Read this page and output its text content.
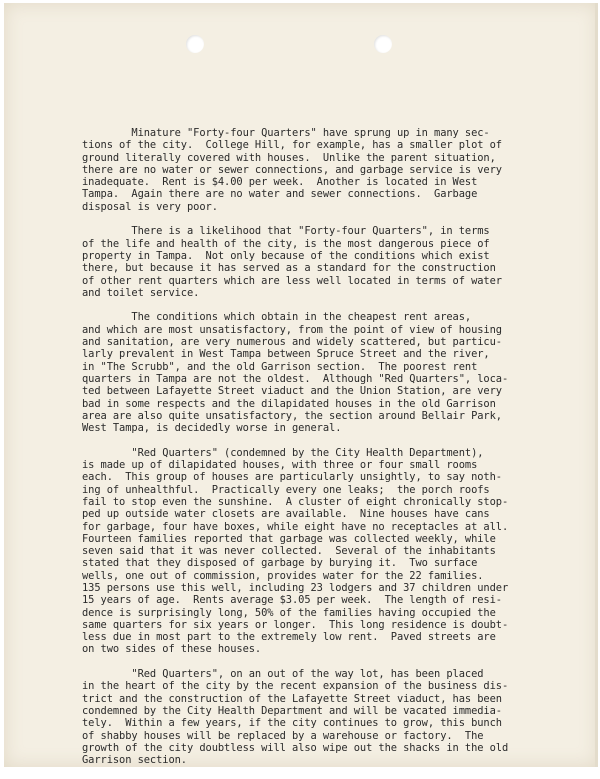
Minature "Forty-four Quarters" have sprung up in many sec-
tions of the city.  College Hill, for example, has a smaller plot of
ground literally covered with houses.  Unlike the parent situation,
there are no water or sewer connections, and garbage service is very
inadequate.  Rent is $4.00 per week.  Another is located in West
Tampa.  Again there are no water and sewer connections.  Garbage
disposal is very poor.

There is a likelihood that "Forty-four Quarters", in terms
of the life and health of the city, is the most dangerous piece of
property in Tampa.  Not only because of the conditions which exist
there, but because it has served as a standard for the construction
of other rent quarters which are less well located in terms of water
and toilet service.

The conditions which obtain in the cheapest rent areas,
and which are most unsatisfactory, from the point of view of housing
and sanitation, are very numerous and widely scattered, but particu-
larly prevalent in West Tampa between Spruce Street and the river,
in "The Scrubb", and the old Garrison section.  The poorest rent
quarters in Tampa are not the oldest.  Although "Red Quarters", loca-
ted between Lafayette Street viaduct and the Union Station, are very
bad in some respects and the dilapidated houses in the old Garrison
area are also quite unsatisfactory, the section around Bellair Park,
West Tampa, is decidedly worse in general.

"Red Quarters" (condemned by the City Health Department),
is made up of dilapidated houses, with three or four small rooms
each.  This group of houses are particularly unsightly, to say noth-
ing of unhealthful.  Practically every one leaks;  the porch roofs
fail to stop even the sunshine.  A cluster of eight chronically stop-
ped up outside water closets are available.  Nine houses have cans
for garbage, four have boxes, while eight have no receptacles at all.
Fourteen families reported that garbage was collected weekly, while
seven said that it was never collected.  Several of the inhabitants
stated that they disposed of garbage by burying it.  Two surface
wells, one out of commission, provides water for the 22 families.
135 persons use this well, including 23 lodgers and 37 children under
15 years of age.  Rents average $3.05 per week.  The length of resi-
dence is surprisingly long, 50% of the families having occupied the
same quarters for six years or longer.  This long residence is doubt-
less due in most part to the extremely low rent.  Paved streets are
on two sides of these houses.

"Red Quarters", on an out of the way lot, has been placed
in the heart of the city by the recent expansion of the business dis-
trict and the construction of the Lafayette Street viaduct, has been
condemned by the City Health Department and will be vacated immedia-
tely.  Within a few years, if the city continues to grow, this bunch
of shabby houses will be replaced by a warehouse or factory.  The
growth of the city doubtless will also wipe out the shacks in the old
Garrison section.
